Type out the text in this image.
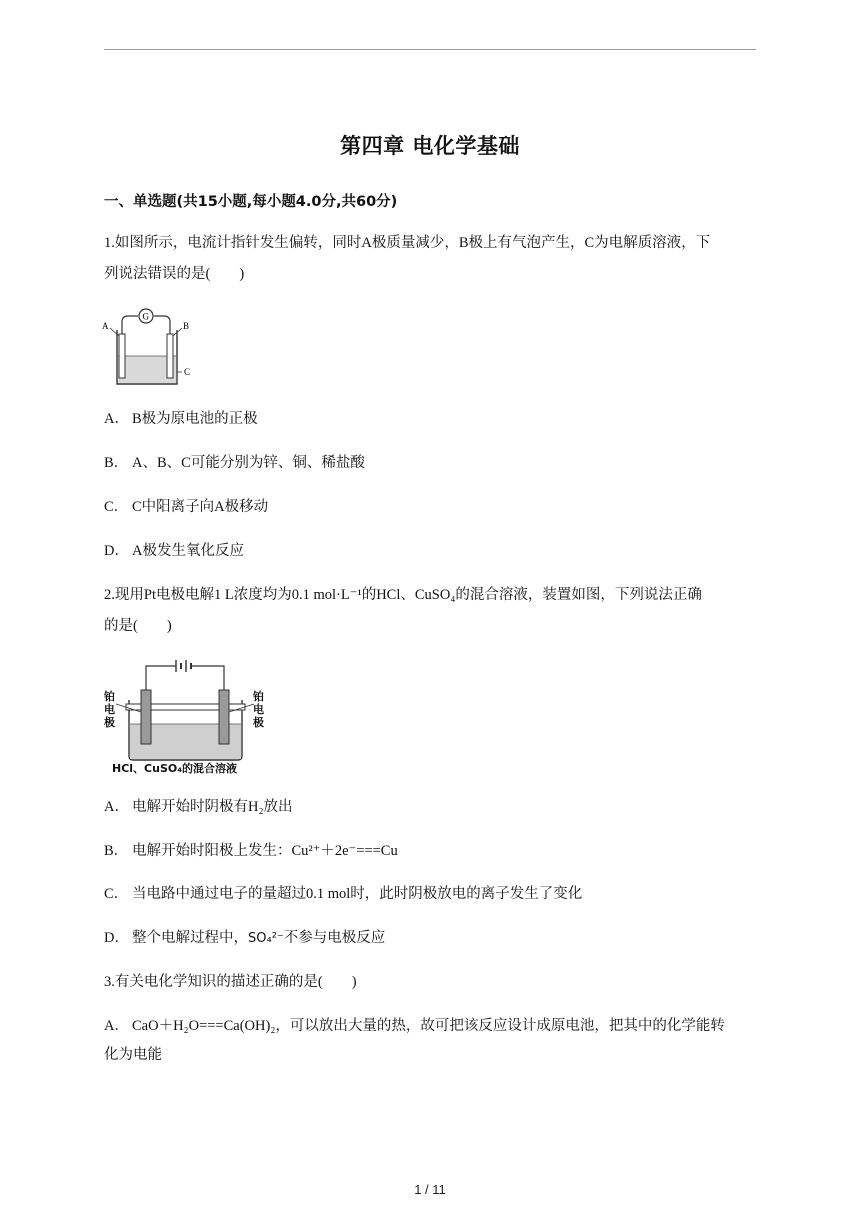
第四章 电化学基础
一、单选题(共15小题,每小题4.0分,共60分)
1.如图所示，电流计指针发生偏转，同时A极质量减少，B极上有气泡产生，C为电解质溶液，下
列说法错误的是(　　)
G
A	B
C
A． B极为原电池的正极
B． A、B、C可能分别为锌、铜、稀盐酸
C． C中阳离子向A极移动
D． A极发生氧化反应
2.现用Pt电极电解1 L浓度均为0.1 mol·L⁻¹的HCl、CuSO₄的混合溶液，装置如图，下列说法正确
的是(　　)
铂电极
铂电极
HCl、CuSO₄的混合溶液
A． 电解开始时阴极有H₂放出
B． 电解开始时阳极上发生：Cu²⁺＋2e⁻===Cu
C． 当电路中通过电子的量超过0.1 mol时，此时阴极放电的离子发生了变化
D． 整个电解过程中，SO₄²⁻不参与电极反应
3.有关电化学知识的描述正确的是(　　)
A． CaO＋H₂O===Ca(OH)₂，可以放出大量的热，故可把该反应设计成原电池，把其中的化学能转
化为电能
1 / 11
